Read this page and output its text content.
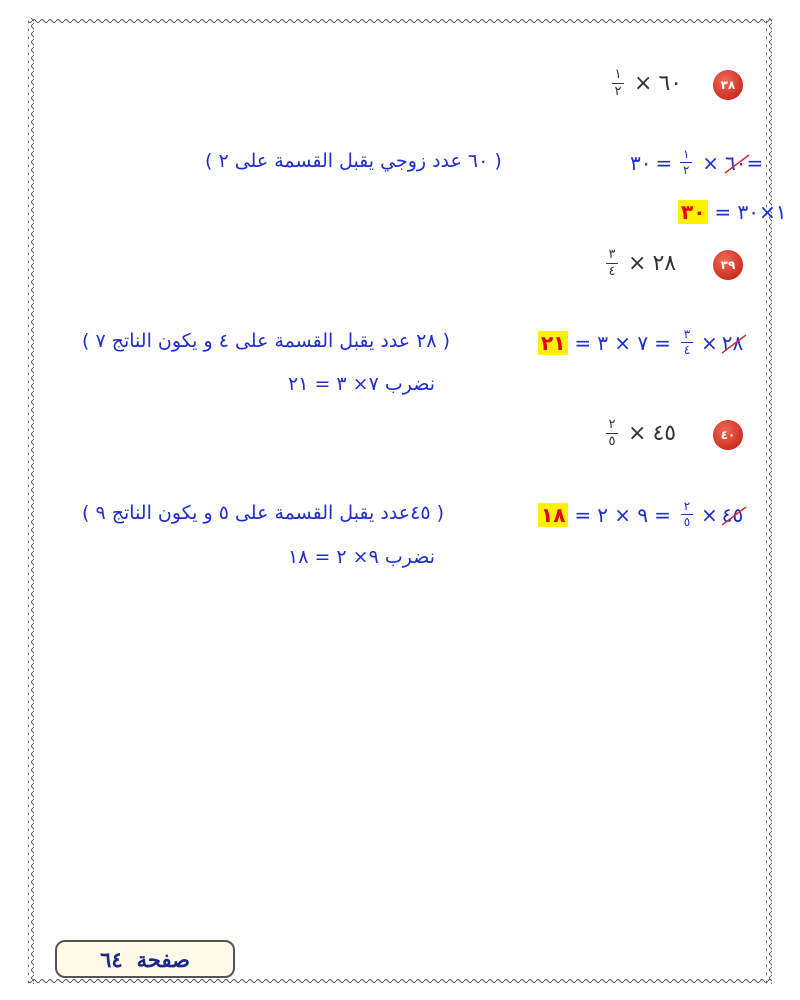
٣٨
$\frac{١}{٢}$ × ٦٠
٣٠ = $\frac{١}{٢}$ × ٦٠ =
( ٦٠ عدد زوجي يقبل القسمة على ٢ )
٣٠ = ١×٣٠
٣٩
$\frac{٣}{٤}$ × ٢٨
٢١ = ٧ × ٣ = $\frac{٣}{٤}$ × ٢٨
( ٢٨ عدد يقبل القسمة على ٤ و يكون الناتج ٧ )
نضرب ٧× ٣ = ٢١
٤٠
$\frac{٢}{٥}$ × ٤٥
١٨ = ٩ × ٢ = $\frac{٢}{٥}$ × ٤٥
( ٤٥عدد يقبل القسمة على ٥ و يكون الناتج ٩ )
نضرب ٩× ٢ = ١٨
صفحة
٦٤
